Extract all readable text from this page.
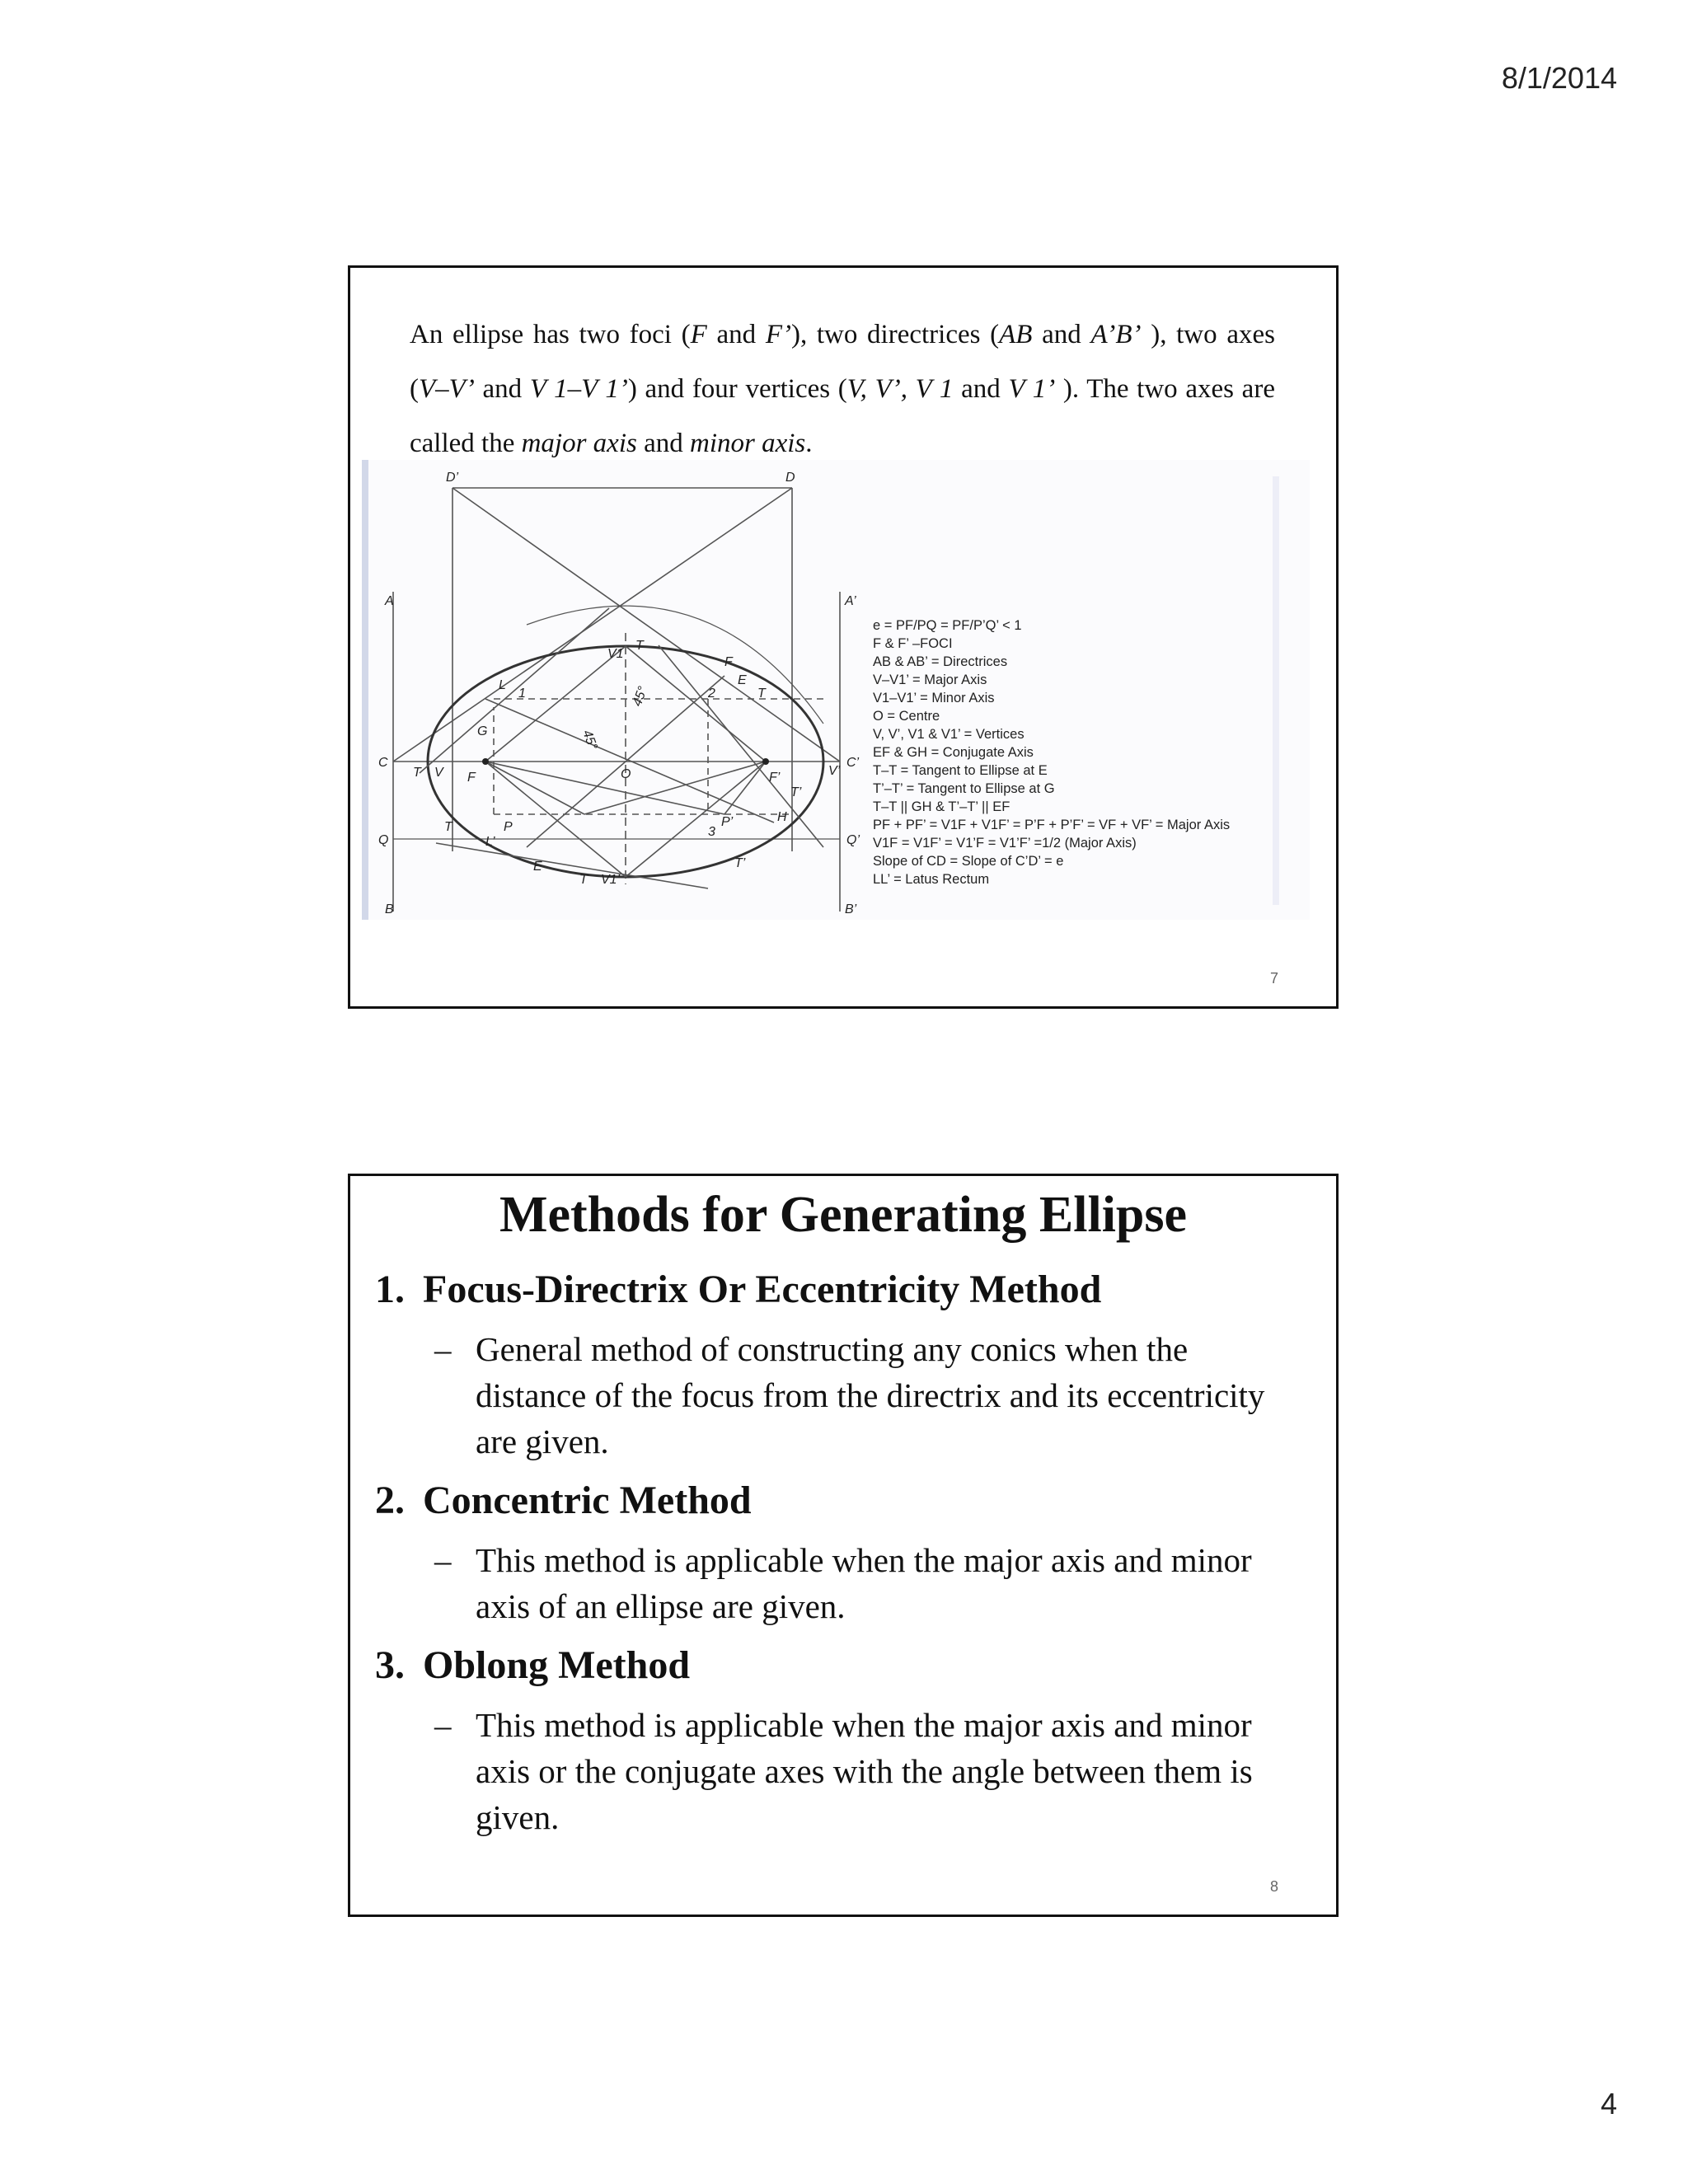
8/1/2014
An ellipse has two foci (F and F’), two directrices (AB and A’B’ ), two axes (V–V’ and V 1–V 1’) and four vertices (V, V’, V 1 and V 1’ ). The two axes are called the major axis and minor axis.
D’	D
A	A’
B	B’
C	C’
Q	Q’
T V F	O	F’	V’
V1
V1’
T
F
E
T
L
1	2
G
H
T
L’
P	3
P’
E
T
T’
T’
45°
45°
e = PF/PQ = PF/P’Q’ < 1
F & F’ –FOCI
AB & AB’ = Directrices
V–V1’ = Major Axis
V1–V1’ = Minor Axis
O = Centre
V, V’, V1 & V1’ = Vertices
EF & GH = Conjugate Axis
T–T = Tangent to Ellipse at E
T’–T’ = Tangent to Ellipse at G
T–T || GH & T’–T’ || EF
PF + PF’ = V1F + V1F’ = P’F + P’F’ = VF + VF’ = Major Axis
V1F = V1F’ = V1’F = V1’F’ =1/2 (Major Axis)
Slope of CD = Slope of C’D’ = e
LL’ = Latus Rectum
7
Methods for Generating Ellipse
1. Focus-Directrix Or Eccentricity Method
– General method of constructing any conics when the distance of the focus from the directrix and its eccentricity are given.
2. Concentric Method
– This method is applicable when the major axis and minor axis of an ellipse are given.
3. Oblong Method
– This method is applicable when the major axis and minor axis or the conjugate axes with the angle between them is given.
8
4
